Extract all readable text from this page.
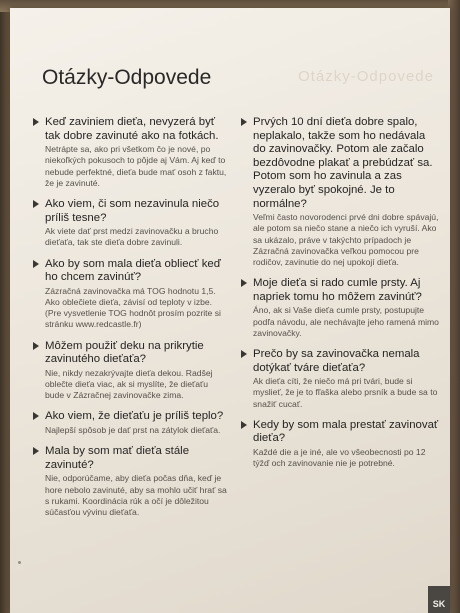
Otázky-Odpovede
Otázky-Odpovede
Keď zaviniem dieťa, nevyzerá byť tak dobre zavinuté ako na fotkách.
Netrápte sa, ako pri všetkom čo je nové, po niekoľkých pokusoch to pôjde aj Vám. Aj keď to nebude perfektné, dieťa bude mať osoh z faktu, že je zavinuté.
Ako viem, či som nezavinula niečo príliš tesne?
Ak viete dať prst medzi zavinovačku a brucho dieťaťa, tak ste dieťa dobre zavinuli.
Ako by som mala dieťa obliecť keď ho chcem zavinúť?
Zázračná zavinovačka má TOG hodnotu 1,5. Ako oblečiete dieťa, závisí od teploty v izbe. (Pre vysvetlenie TOG hodnôt prosím pozrite si stránku www.redcastle.fr)
Môžem použiť deku na prikrytie zavinutého dieťaťa?
Nie, nikdy nezakrývajte dieťa dekou. Radšej oblečte dieťa viac, ak si myslíte, že dieťaťu bude v Zázračnej zavinovačke zima.
Ako viem, že dieťaťu je príliš teplo?
Najlepší spôsob je dať prst na zátylok dieťaťa.
Mala by som mať dieťa stále zavinuté?
Nie, odporúčame, aby dieťa počas dňa, keď je hore nebolo zavinuté, aby sa mohlo učiť hrať sa s rukami. Koordinácia rúk a očí je dôležitou súčasťou vývinu dieťaťa.
Prvých 10 dní dieťa dobre spalo, neplakalo, takže som ho nedávala do zavinovačky. Potom ale začalo bezdôvodne plakať a prebúdzať sa. Potom som ho zavinula a zas vyzeralo byť spokojné. Je to normálne?
Veľmi často novorodenci prvé dni dobre spávajú, ale potom sa niečo stane a niečo ich vyruší. Ako sa ukázalo, práve v takýchto prípadoch je Zázračná zavinovačka veľkou pomocou pre rodičov, zavinutie do nej upokojí dieťa.
Moje dieťa si rado cumle prsty. Aj napriek tomu ho môžem zavinúť?
Áno, ak si Vaše dieťa cumle prsty, postupujte podľa návodu, ale nechávajte jeho ramená mimo zavinovačky.
Prečo by sa zavinovačka nemala dotýkať tváre dieťaťa?
Ak dieťa cíti, že niečo má pri tvári, bude si myslieť, že je to fľaška alebo prsník a bude sa to snažiť cucať.
Kedy by som mala prestať zavinovať dieťa?
Každé die a je iné, ale vo všeobecnosti po 12 týžď och zavinovanie nie je potrebné.
SK
